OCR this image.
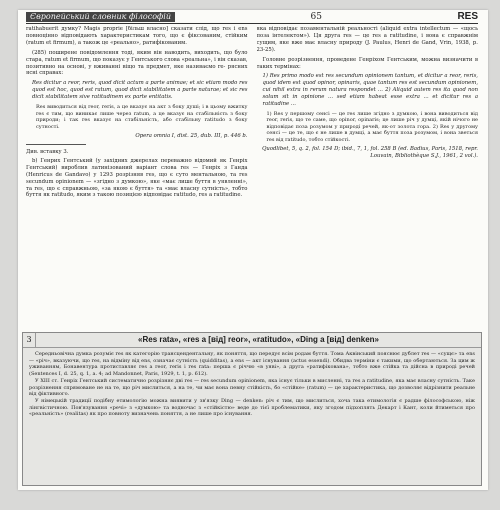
Європейський словник філософій	65	RES

ratihabuerit думку? Magis proprie [більш власно] сказати слід, що res і ens повноцінно відповідають характеристикам того, що є фіксованим, стійким (ratum et firmum), а також це «реально», ратифікованим.

(285) поширене повідомлення тоді, яким він наводить, виходить, що було стара, ratum et firmum, що показує у Гентського слова «реальна», і він сказав, позитивно на основі, у вживанні віщо та предмет, яке називаємо re- рясних ясні справах:

Res dicitur a reor, reris, quod dicit actum a parte animae; et sic etiam modo res quod est hoc, quod est ratum, quod dicit stabilitatem a parte naturae; et sic res dicit stabilitatem sive ratitudinem ex parte entitatis.
Res виводиться від reor, reris, а це вказує на акт з боку душі; і в цьому вжитку res є тим, що виникає лише через ratum, а це вказує на стабільність з боку природи; і так res вказує на стабільність, або стабільну ratitudo з боку сутності.
Opera omnia I, dist. 25, dub. III, p. 446 b.
Див. вставку 3.

b) Генрих Гентський (у західних джерелах переважно відомий як Генріх Гентський) вироблив латинізований варіант слова res — Генріх з Ганда (Henricus de Gandavo) у 1293 розрізняв res, що є суто ментальною, та res secundum opinionem — «згідно з думкою», яке «має лише буття в уявленні», та res, що є справжньою, «за якою є буття» та «має власну сутність», тобто буття як ratitudo, яким з такою позицією відповідає ratitudo, res a ratitudine.

яка відповідає позаментальній реальності (aliquid extra intellectum — «щось поза інтелектом»). Ця друга res — це res a ratitudine, і вона є справжнім сущим, яке вже має власну природу (J. Paulus, Henri de Gand, Vrin, 1938, p. 23-25).

Головне розрізнення, проведене Генріхом Гентським, можна визначити в таких термінах:

1) Res primo modo est res secundum opinionem tantum, et dicitur a reor, reris, quod idem est quod opinor, opinaris, quae tantum res est secundum opinionem, cui nihil extra in rerum natura respondet ... 2) Aliquid autem res ita quod non solum sit in opinione ... sed etiam habeat esse extra ... et dicitur res a ratitudine ...
1) Res у першому сенсі — це res лише згідно з думкою, і вона виводиться від reor, reris, що те саме, що opinor, opinaris; це лише річ у думці, якій нічого не відповідає поза розумом у природі речей, як-от золота гора. 2) Res у другому сенсі — це те, що є не лише в думці, а має буття поза розумом, і вона зветься res від ratitudo, тобто стійкості.
Quodlibet, 5, q. 2, fol. 154 D; ibid., 7, 1, fol. 258 B (ed. Badius, Paris, 1518, repr. Louvain, Bibliothèque S.J., 1961, 2 vol.).
3	«Res rata», «res a [від] reor», «ratitudo», «Ding a [від] denken»

Середньовічна думка розуміє res як категорію трансцендентальну, як поняття, що передує всім родам буття. Тома Аквінський пояснює дублет res — «сущє» та ens — «річ», вказуючи, що res, на відміну від ens, означає сутність (quidditas), а ens — акт існування (actus essendi). Обидва терміни є такими, що обертаються. За цим ж уживанням, Бонавентура протиставляє res a reor, reris і res rata: перша є річчю «в уяві», а друга «ратифікована», тобто вже стійка та дійсна в природі речей (Sentences I, d. 25, q. 1, a. 4; ad Mandonnet, Paris, 1929, t. 1, p. 612).

У XIII ст. Генріх Гентський систематично розрізняє дві res — res secundum opinionem, яка існує тільки в мисленні, та res a ratitudine, яка має власну сутність. Таке розрізнення спрямоване не на те, що річ мислиться, а на те, чи має вона певну стійкість, бо «стійке» (ratum) — це характеристика, що дозволяє відрізнити реальне від фіктивного.

У німецькій традиції подібну етимологію можна виявити у зв'язку Ding — denken: річ є тим, що мислиться, хоча така етимологія є радше філософською, ніж лінгвістичною. Пов'язування «речі» з «думкою» та водночас з «стійкістю» веде до тієї проблематики, яку згодом підхоплять Декарт і Кант, коли йтиметься про «реальність» (realitas) як про повноту визначень поняття, а не лише про існування.
